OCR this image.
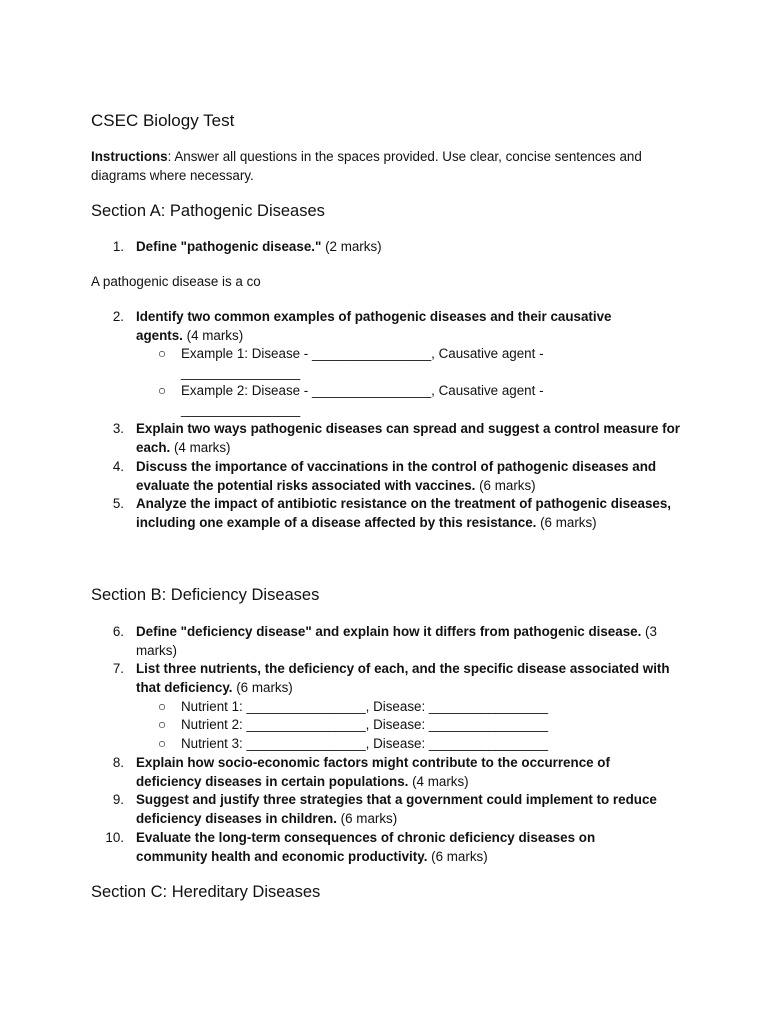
CSEC Biology Test
Instructions: Answer all questions in the spaces provided. Use clear, concise sentences and diagrams where necessary.
Section A: Pathogenic Diseases
1. Define "pathogenic disease." (2 marks)
A pathogenic disease is a co
2. Identify two common examples of pathogenic diseases and their causative agents. (4 marks)
○ Example 1: Disease - ________________, Causative agent - ________________
○ Example 2: Disease - ________________, Causative agent - ________________
3. Explain two ways pathogenic diseases can spread and suggest a control measure for each. (4 marks)
4. Discuss the importance of vaccinations in the control of pathogenic diseases and evaluate the potential risks associated with vaccines. (6 marks)
5. Analyze the impact of antibiotic resistance on the treatment of pathogenic diseases, including one example of a disease affected by this resistance. (6 marks)
Section B: Deficiency Diseases
6. Define "deficiency disease" and explain how it differs from pathogenic disease. (3 marks)
7. List three nutrients, the deficiency of each, and the specific disease associated with that deficiency. (6 marks)
○ Nutrient 1: ________________, Disease: ________________
○ Nutrient 2: ________________, Disease: ________________
○ Nutrient 3: ________________, Disease: ________________
8. Explain how socio-economic factors might contribute to the occurrence of deficiency diseases in certain populations. (4 marks)
9. Suggest and justify three strategies that a government could implement to reduce deficiency diseases in children. (6 marks)
10. Evaluate the long-term consequences of chronic deficiency diseases on community health and economic productivity. (6 marks)
Section C: Hereditary Diseases
